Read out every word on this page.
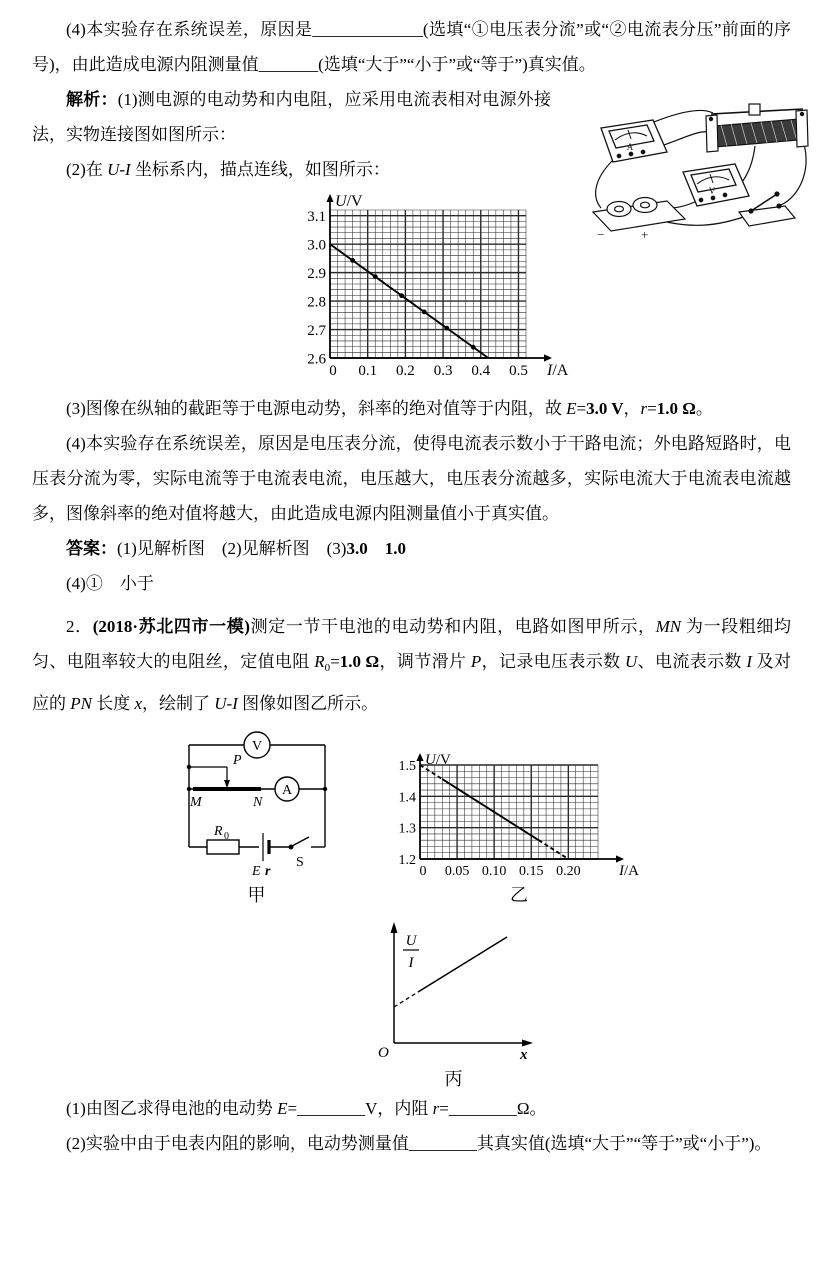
A
V
−	+

(4)本实验存在系统误差，原因是_____________(选填“①电压表分流”或“②电流表分压”前面的序号)，由此造成电源内阻测量值_______(选填“大于”“小于”或“等于”)真实值。

解析：(1)测电源的电动势和内电阻，应采用电流表相对电源外接法，实物连接图如图所示：

(2)在 U-I 坐标系内，描点连线，如图所示：

0 0.1 0.2 0.3 0.4 0.5
2.6
2.7
2.8
2.9
3.0
3.1
U/V
I/A

(3)图像在纵轴的截距等于电源电动势，斜率的绝对值等于内阻，故 E=3.0 V，r=1.0 Ω。

(4)本实验存在系统误差，原因是电压表分流，使得电流表示数小于干路电流；外电路短路时，电压表分流为零，实际电流等于电流表电流，电压越大，电压表分流越多，实际电流大于电流表电流越多，图像斜率的绝对值将越大，由此造成电源内阻测量值小于真实值。

答案：(1)见解析图　(2)见解析图　(3)3.0　1.0

(4)①　小于

2．(2018·苏北四市一模)测定一节干电池的电动势和内阻，电路如图甲所示，MN 为一段粗细均匀、电阻率较大的电阻丝，定值电阻 $R_0=1.0$ Ω，调节滑片 P，记录电压表示数 U、电流表示数 I 及对应的 PN 长度 x，绘制了 U-I 图像如图乙所示。

V
A
P
M	N
R 0
E r
S
甲
0 0.05 0.10 0.15 0.20
1.2
1.3
1.4
1.5 U/V
I/A
乙
U
I
O	x
丙

(1)由图乙求得电池的电动势 E=________V，内阻 r=________Ω。

(2)实验中由于电表内阻的影响，电动势测量值________其真实值(选填“大于”“等于”或“小于”)。
